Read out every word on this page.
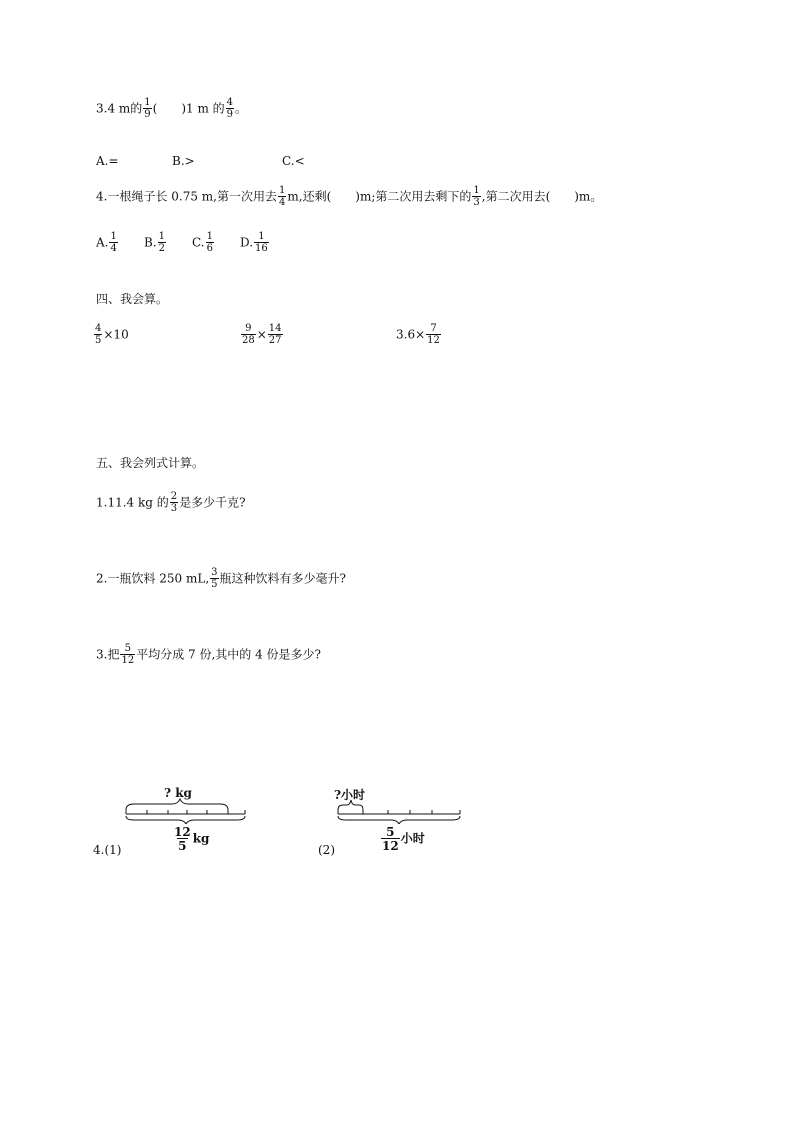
3.4 m的 $\frac{1}{9}$ ( )1 m 的 $\frac{4}{9}$ 。
A.=	B.>	C.<
4.一根绳子长 0.75 m,第一次用去 $\frac{1}{4} m$,还剩( )m;第二次用去剩下的 $\frac{1}{3}$ ,第二次用去( )m。
A. $\frac{1}{4} B$. $\frac{1}{2} C$. $\frac{1}{6} D$. $\frac{1}{16}$
四、我会算。
$\frac{4}{5} \times 10$	$\frac{9}{28} \times \frac{14}{27}$	$3.6\times \frac{7}{12}$
五、我会列式计算。
1.11.4 kg 的 $\frac{2}{3}$ 是多少千克?
2.一瓶饮料 250 mL, $\frac{3}{5}$ 瓶这种饮料有多少毫升?
3.把 $\frac{5}{12}$ 平均分成 7 份,其中的 4 份是多少?
4.(1)
? kg
$\frac{12}{5}$ kg
(2)
?小时
$\frac{5}{12}$ 小时
